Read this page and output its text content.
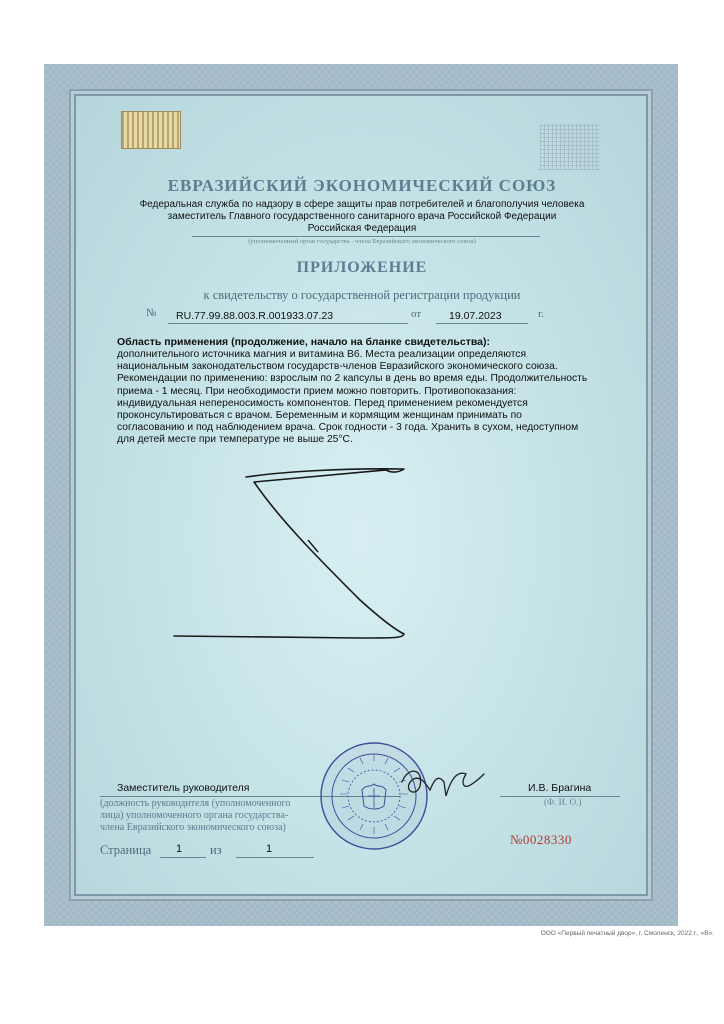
ЕВРАЗИЙСКИЙ ЭКОНОМИЧЕСКИЙ СОЮЗ
Федеральная служба по надзору в сфере защиты прав потребителей и благополучия человека
заместитель Главного государственного санитарного врача Российской Федерации
Российская Федерация
(уполномоченный орган государства - члена Евразийского экономического союза)
ПРИЛОЖЕНИЕ
к свидетельству о государственной регистрации продукции
№ RU.77.99.88.003.R.001933.07.23	от	19.07.2023	г.
Область применения (продолжение, начало на бланке свидетельства):
дополнительного источника магния и витамина В6. Места реализации определяются
национальным законодательством государств-членов Евразийского экономического союза.
Рекомендации по применению: взрослым по 2 капсулы в день во время еды. Продолжительность
приема - 1 месяц. При необходимости прием можно повторить. Противопоказания:
индивидуальная непереносимость компонентов. Перед применением рекомендуется
проконсультироваться с врачом. Беременным и кормящим женщинам принимать по
согласованию и под наблюдением врача. Срок годности - 3 года. Хранить в сухом, недоступном
для детей месте при температуре не выше 25°С.
Заместитель руководителя
(должность руководителя (уполномоченного
лица) уполномоченного органа государства-
члена Евразийского экономического союза)
И.В. Брагина
(Ф. И. О.)
Страница 1 из	1
№0028330
ООО «Первый печатный двор», г. Смоленск, 2022 г., «В».
